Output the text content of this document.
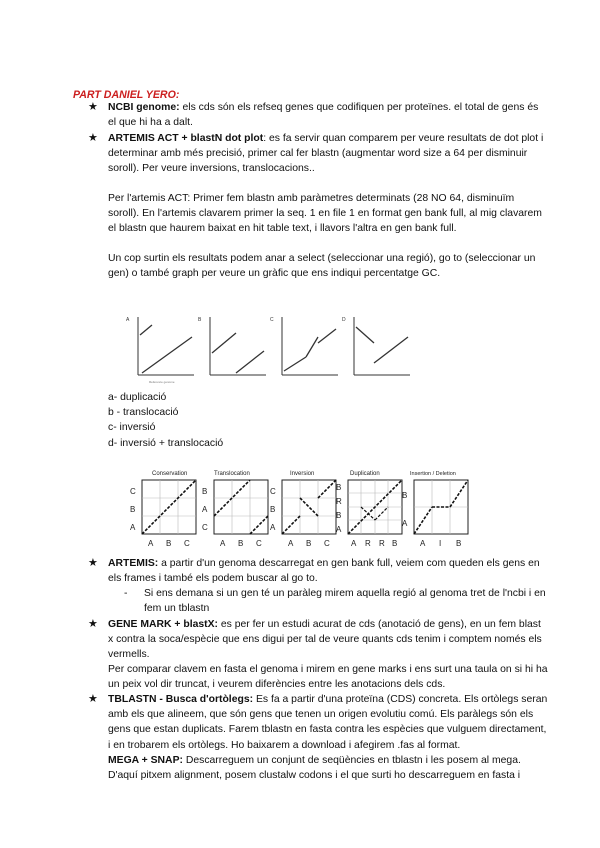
PART DANIEL YERO:
★ NCBI genome: els cds són els refseq genes que codifiquen per proteïnes. el total de gens és el que hi ha a dalt.

★ ARTEMIS ACT + blastN dot plot: es fa servir quan comparem per veure resultats de dot plot i determinar amb més precisió, primer cal fer blastn (augmentar word size a 64 per disminuir soroll). Per veure inversions, translocacions..

Per l'artemis ACT: Primer fem blastn amb paràmetres determinats (28 NO 64, disminuïm soroll). En l'artemis clavarem primer la seq. 1 en file 1 en format gen bank full, al mig clavarem el blastn que haurem baixat en hit table text, i llavors l'altra en gen bank full.

Un cop surtin els resultats podem anar a select (seleccionar una regió), go to (seleccionar un gen) o també graph per veure un gràfic que ens indiqui percentatge GC.

A
Reference genome
B	C	D
a- duplicació
b - translocació
c- inversió
d- inversió + translocació
Conservation
A
B
C
A B C
Translocation
C
A
B
A B C
Inversion
A
B
C
A B C
Duplication
A
B
R
B
A R R B
Insertion / Deletion
A
B
A I B
★ ARTEMIS: a partir d'un genoma descarregat en gen bank full, veiem com queden els gens en els frames i també els podem buscar al go to.

- Si ens demana si un gen té un paràleg mirem aquella regió al genoma tret de l'ncbi i en fem un tblastn

★ GENE MARK + blastX: es per fer un estudi acurat de cds (anotació de gens), en un fem blast x contra la soca/espècie que ens digui per tal de veure quants cds tenim i comptem només els vermells.

Per comparar clavem en fasta el genoma i mirem en gene marks i ens surt una taula on si hi ha un peix vol dir truncat, i veurem diferències entre les anotacions dels cds.

★ TBLASTN - Busca d'ortòlegs: Es fa a partir d'una proteïna (CDS) concreta. Els ortòlegs seran amb els que alineem, que són gens que tenen un origen evolutiu comú. Els paràlegs són els gens que estan duplicats. Farem tblastn en fasta contra les espècies que vulguem directament, i en trobarem els ortòlegs. Ho baixarem a download i afegirem .fas al format.

MEGA + SNAP: Descarreguem un conjunt de seqüències en tblastn i les posem al mega. D'aquí pitxem alignment, posem clustalw codons i el que surti ho descarreguem en fasta i
